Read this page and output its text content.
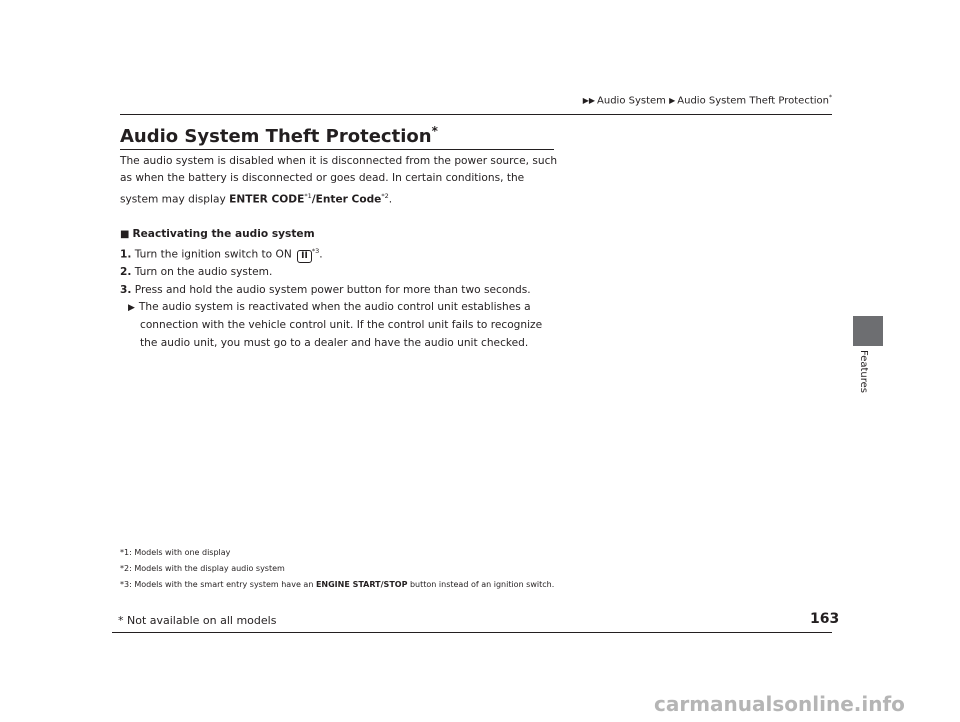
▶▶ Audio System ▶ Audio System Theft Protection*
Features
Audio System Theft Protection*

The audio system is disabled when it is disconnected from the power source, such as when the battery is disconnected or goes dead. In certain conditions, the system may display ENTER CODE$^{*1}$/Enter Code$^{*2}$.

■ Reactivating the audio system

1. Turn the ignition switch to ON II $^{*3}$.

2. Turn on the audio system.

3. Press and hold the audio system power button for more than two seconds.

▶ The audio system is reactivated when the audio control unit establishes a connection with the vehicle control unit. If the control unit fails to recognize the audio unit, you must go to a dealer and have the audio unit checked.

*1: Models with one display

*2: Models with the display audio system

*3: Models with the smart entry system have an ENGINE START/STOP button instead of an ignition switch.

163
* Not available on all models
carmanualsonline.info
